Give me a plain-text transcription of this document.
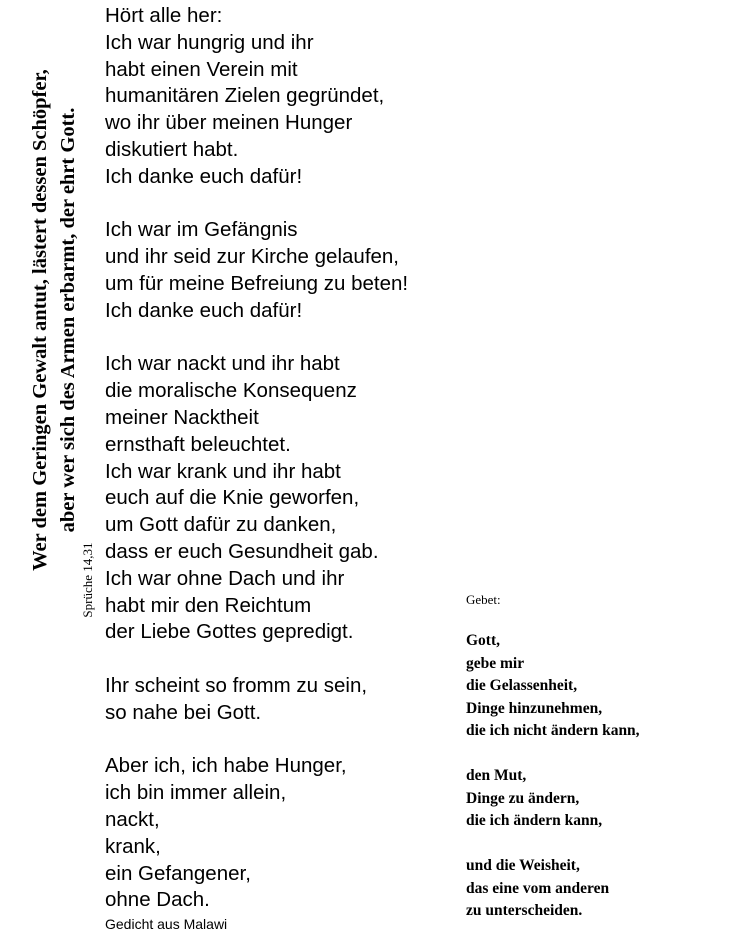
Wer dem Geringen Gewalt antut, lästert dessen Schöpfer, aber wer sich des Armen erbarmt, der ehrt Gott.
Sprüche 14,31
Hört alle her:
Ich war hungrig und ihr
habt einen Verein mit
humanitären Zielen gegründet,
wo ihr über meinen Hunger
diskutiert habt.
Ich danke euch dafür!
Ich war im Gefängnis
und ihr seid zur Kirche gelaufen,
um für meine Befreiung zu beten!
Ich danke euch dafür!
Ich war nackt und ihr habt
die moralische Konsequenz
meiner Nacktheit
ernsthaft beleuchtet.
Ich war krank und ihr habt
euch auf die Knie geworfen,
um Gott dafür zu danken,
dass er euch Gesundheit gab.
Ich war ohne Dach und ihr
habt mir den Reichtum
der Liebe Gottes gepredigt.
Ihr scheint so fromm zu sein,
so nahe bei Gott.
Aber ich, ich habe Hunger,
ich bin immer allein,
nackt,
krank,
ein Gefangener,
ohne Dach.
Gedicht aus Malawi
Gebet:
Gott,
gebe mir
die Gelassenheit,
Dinge hinzunehmen,
die ich nicht ändern kann,
den Mut,
Dinge zu ändern,
die ich ändern kann,
und die Weisheit,
das eine vom anderen
zu unterscheiden.
